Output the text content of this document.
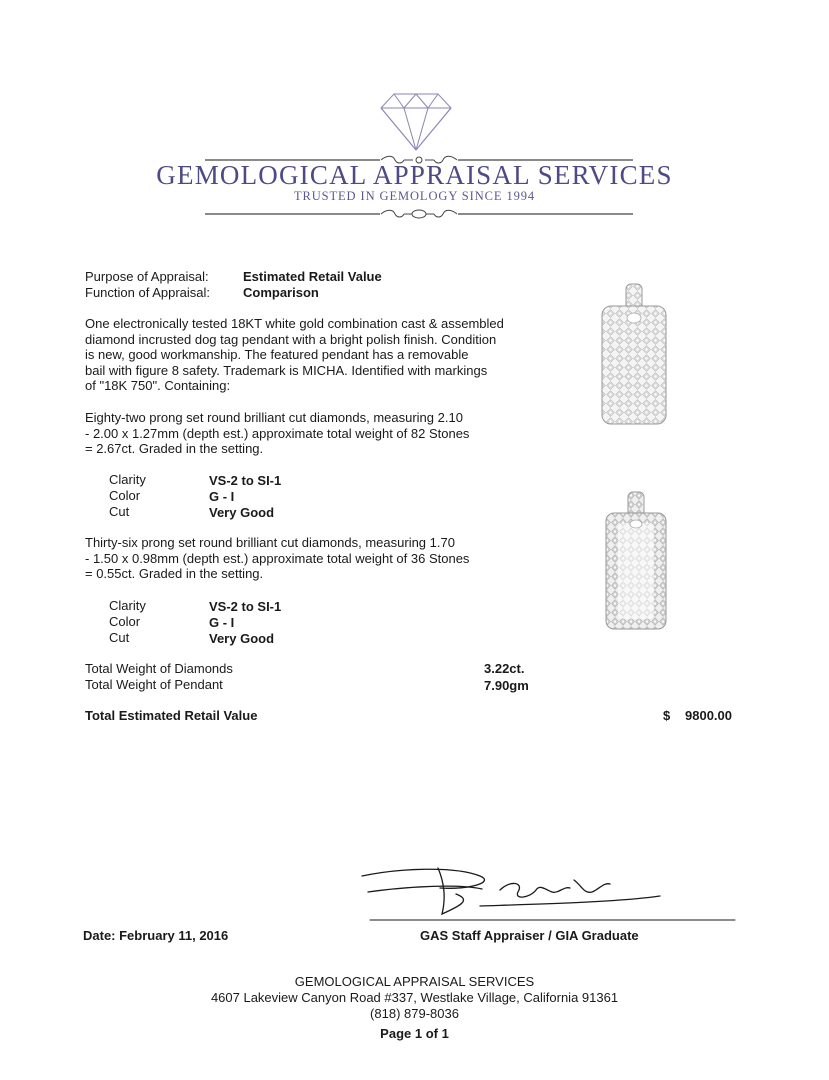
GEMOLOGICAL APPRAISAL SERVICES
TRUSTED IN GEMOLOGY SINCE 1994
Purpose of Appraisal:	Estimated Retail Value
Function of Appraisal:	Comparison
One electronically tested 18KT white gold combination cast & assembled
diamond incrusted dog tag pendant with a bright polish finish. Condition
is new, good workmanship. The featured pendant has a removable
bail with figure 8 safety. Trademark is MICHA. Identified with markings
of "18K 750". Containing:
Eighty-two prong set round brilliant cut diamonds, measuring 2.10
- 2.00 x 1.27mm (depth est.) approximate total weight of 82 Stones
= 2.67ct. Graded in the setting.
Clarity	VS-2 to SI-1
Color	G - I
Cut	Very Good
Thirty-six prong set round brilliant cut diamonds, measuring 1.70
- 1.50 x 0.98mm (depth est.) approximate total weight of 36 Stones
= 0.55ct. Graded in the setting.
Clarity	VS-2 to SI-1
Color	G - I
Cut	Very Good
Total Weight of Diamonds	3.22ct.
Total Weight of Pendant	7.90gm
Total Estimated Retail Value	$ 9800.00
Date: February 11, 2016	GAS Staff Appraiser / GIA Graduate
GEMOLOGICAL APPRAISAL SERVICES
4607 Lakeview Canyon Road #337, Westlake Village, California 91361
(818) 879-8036
Page 1 of 1
